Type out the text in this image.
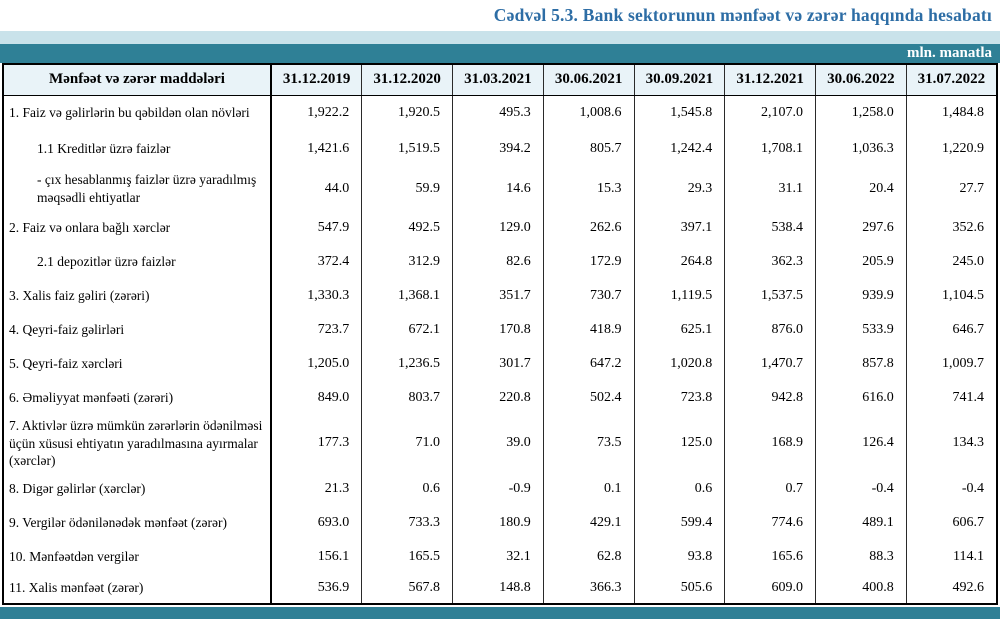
Cədvəl 5.3. Bank sektorunun mənfəət və zərər haqqında hesabatı
mln. manatla
Mənfəət və zərər maddələri	31.12.2019	31.12.2020	31.03.2021	30.06.2021	30.09.2021	31.12.2021	30.06.2022	31.07.2022
1. Faiz və gəlirlərin bu qəbildən olan növləri	1,922.2	1,920.5	495.3	1,008.6	1,545.8	2,107.0	1,258.0	1,484.8
1.1 Kreditlər üzrə faizlər	1,421.6	1,519.5	394.2	805.7	1,242.4	1,708.1	1,036.3	1,220.9
- çıx hesablanmış faizlər üzrə yaradılmış məqsədli ehtiyatlar	44.0	59.9	14.6	15.3	29.3	31.1	20.4	27.7
2. Faiz və onlara bağlı xərclər	547.9	492.5	129.0	262.6	397.1	538.4	297.6	352.6
2.1 depozitlər üzrə faizlər	372.4	312.9	82.6	172.9	264.8	362.3	205.9	245.0
3. Xalis faiz gəliri (zərəri)	1,330.3	1,368.1	351.7	730.7	1,119.5	1,537.5	939.9	1,104.5
4. Qeyri-faiz gəlirləri	723.7	672.1	170.8	418.9	625.1	876.0	533.9	646.7
5. Qeyri-faiz xərcləri	1,205.0	1,236.5	301.7	647.2	1,020.8	1,470.7	857.8	1,009.7
6. Əməliyyat mənfəəti (zərəri)	849.0	803.7	220.8	502.4	723.8	942.8	616.0	741.4
7. Aktivlər üzrə mümkün zərərlərin ödənilməsi üçün xüsusi ehtiyatın yaradılmasına ayırmalar (xərclər)	177.3	71.0	39.0	73.5	125.0	168.9	126.4	134.3
8. Digər gəlirlər (xərclər)	21.3	0.6	-0.9	0.1	0.6	0.7	-0.4	-0.4
9. Vergilər ödənilənədək mənfəət (zərər)	693.0	733.3	180.9	429.1	599.4	774.6	489.1	606.7
10. Mənfəətdən vergilər	156.1	165.5	32.1	62.8	93.8	165.6	88.3	114.1
11. Xalis mənfəət (zərər)	536.9	567.8	148.8	366.3	505.6	609.0	400.8	492.6
